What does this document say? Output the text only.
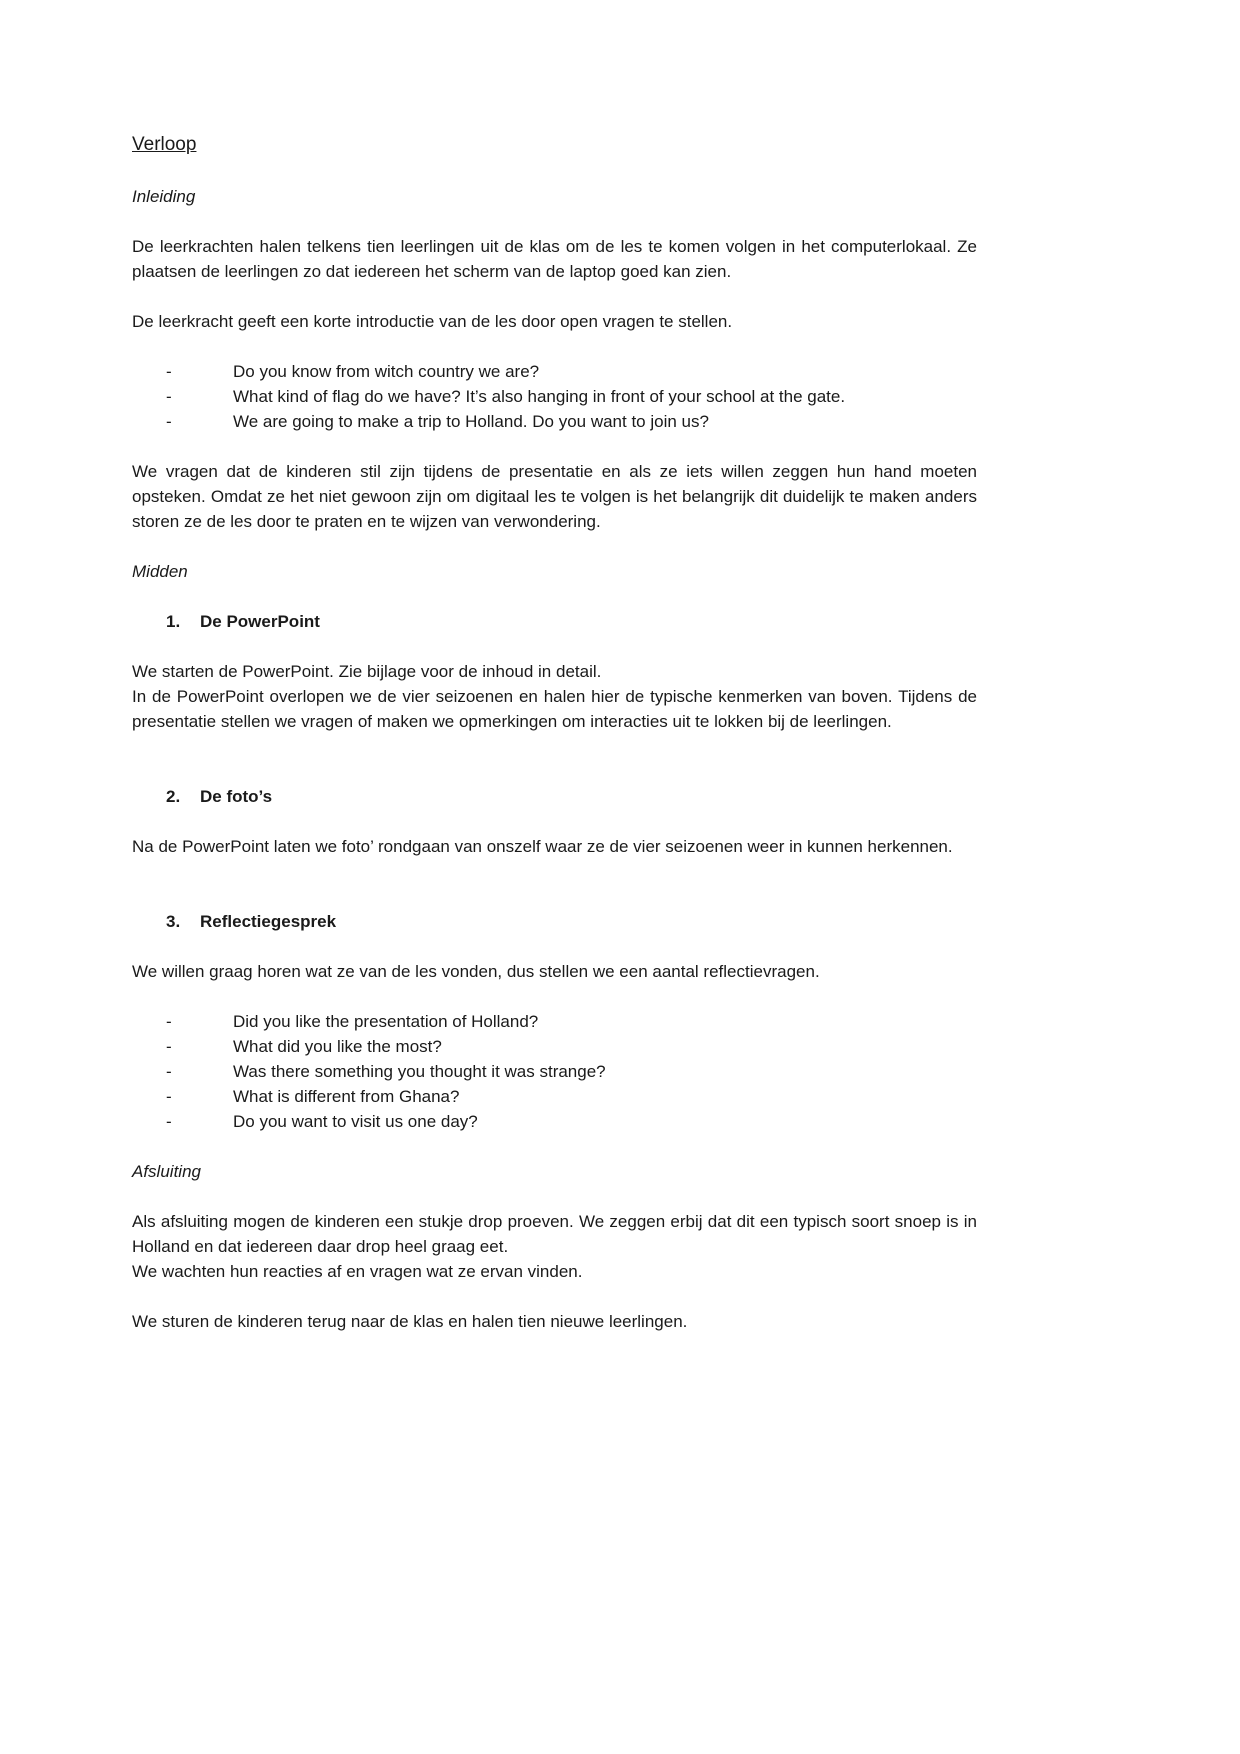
Verloop
Inleiding

De leerkrachten halen telkens tien leerlingen uit de klas om de les te komen volgen in het computerlokaal. Ze plaatsen de leerlingen zo dat iedereen het scherm van de laptop goed kan zien.

De leerkracht geeft een korte introductie van de les door open vragen te stellen.

-	Do you know from witch country we are?
-	What kind of flag do we have? It’s also hanging in front of your school at the gate.
-	We are going to make a trip to Holland. Do you want to join us?

We vragen dat de kinderen stil zijn tijdens de presentatie en als ze iets willen zeggen hun hand moeten opsteken. Omdat ze het niet gewoon zijn om digitaal les te volgen is het belangrijk dit duidelijk te maken anders storen ze de les door te praten en te wijzen van verwondering.

Midden
1. De PowerPoint

We starten de PowerPoint. Zie bijlage voor de inhoud in detail.

In de PowerPoint overlopen we de vier seizoenen en halen hier de typische kenmerken van boven. Tijdens de presentatie stellen we vragen of maken we opmerkingen om interacties uit te lokken bij de leerlingen.

2. De foto’s

Na de PowerPoint laten we foto’ rondgaan van onszelf waar ze de vier seizoenen weer in kunnen herkennen.

3. Reflectiegesprek

We willen graag horen wat ze van de les vonden, dus stellen we een aantal reflectievragen.

-	Did you like the presentation of Holland?
-	What did you like the most?
-	Was there something you thought it was strange?
-	What is different from Ghana?
-	Do you want to visit us one day?
Afsluiting

Als afsluiting mogen de kinderen een stukje drop proeven. We zeggen erbij dat dit een typisch soort snoep is in Holland en dat iedereen daar drop heel graag eet.

We wachten hun reacties af en vragen wat ze ervan vinden.

We sturen de kinderen terug naar de klas en halen tien nieuwe leerlingen.
